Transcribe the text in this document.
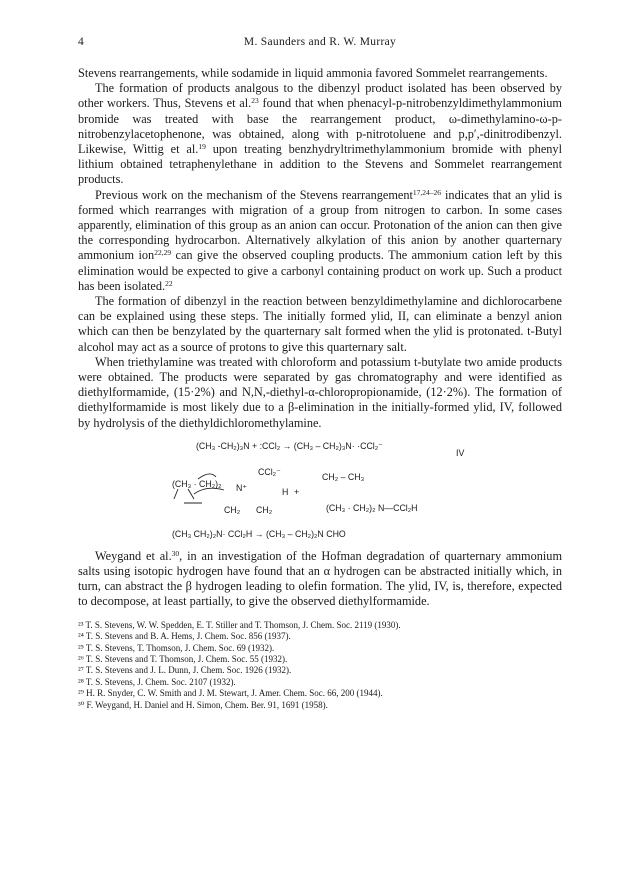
4	M. Saunders and R. W. Murray

Stevens rearrangements, while sodamide in liquid ammonia favored Sommelet rearrangements.

The formation of products analgous to the dibenzyl product isolated has been observed by other workers. Thus, Stevens et al.$^{23}$ found that when phenacyl-p-nitrobenzyldimethylammonium bromide was treated with base the rearrangement product, ω-dimethylamino-ω-p-nitrobenzylacetophenone, was obtained, along with p-nitrotoluene and p,p′,-dinitrodibenzyl. Likewise, Wittig et al.$^{19}$ upon treating benzhydryltrimethylammonium bromide with phenyl lithium obtained tetraphenylethane in addition to the Stevens and Sommelet rearrangement products.

Previous work on the mechanism of the Stevens rearrangement$^{17,24-26}$ indicates that an ylid is formed which rearranges with migration of a group from nitrogen to carbon. In some cases apparently, elimination of this group as an anion can occur. Protonation of the anion can then give the corresponding hydrocarbon. Alternatively alkylation of this anion by another quarternary ammonium ion$^{22,29}$ can give the observed coupling products. The ammonium cation left by this elimination would be expected to give a carbonyl containing product on work up. Such a product has been isolated.$^{22}$

The formation of dibenzyl in the reaction between benzyldimethylamine and dichlorocarbene can be explained using these steps. The initially formed ylid, II, can eliminate a benzyl anion which can then be benzylated by the quarternary salt formed when the ylid is protonated. t-Butyl alcohol may act as a source of protons to give this quarternary salt.

When triethylamine was treated with chloroform and potassium t-butylate two amide products were obtained. The products were separated by gas chromatography and were identified as diethylformamide, (15·2%) and N,N,-diethyl-α-chloropropionamide, (12·2%). The formation of diethylformamide is most likely due to a β-elimination in the initially-formed ylid, IV, followed by hydrolysis of the diethyldichloromethylamine.

(CH₃ -CH₂)₃N + :CCl₂ → (CH₃ – CH₂)₃N· ·CCl₂⁻
IV
CCl₂⁻	CH₂ – CH₃
(CH₃ · CH₂)₂ N⁺	H +
CH₂ CH₂	(CH₃ · CH₂)₂ N—CCl₂H
(CH₃ CH₂)₂N· CCl₂H → (CH₃ – CH₂)₂N CHO

Weygand et al.$^{30}$, in an investigation of the Hofman degradation of quarternary ammonium salts using isotopic hydrogen have found that an α hydrogen can be abstracted initially which, in turn, can abstract the β hydrogen leading to olefin formation. The ylid, IV, is, therefore, expected to decompose, at least partially, to give the observed diethylformamide.

²³ T. S. Stevens, W. W. Spedden, E. T. Stiller and T. Thomson, J. Chem. Soc. 2119 (1930).
²⁴ T. S. Stevens and B. A. Hems, J. Chem. Soc. 856 (1937).
²⁵ T. S. Stevens, T. Thomson, J. Chem. Soc. 69 (1932).
²⁶ T. S. Stevens and T. Thomson, J. Chem. Soc. 55 (1932).
²⁷ T. S. Stevens and J. L. Dunn, J. Chem. Soc. 1926 (1932).
²⁸ T. S. Stevens, J. Chem. Soc. 2107 (1932).
²⁹ H. R. Snyder, C. W. Smith and J. M. Stewart, J. Amer. Chem. Soc. 66, 200 (1944).
³⁰ F. Weygand, H. Daniel and H. Simon, Chem. Ber. 91, 1691 (1958).
